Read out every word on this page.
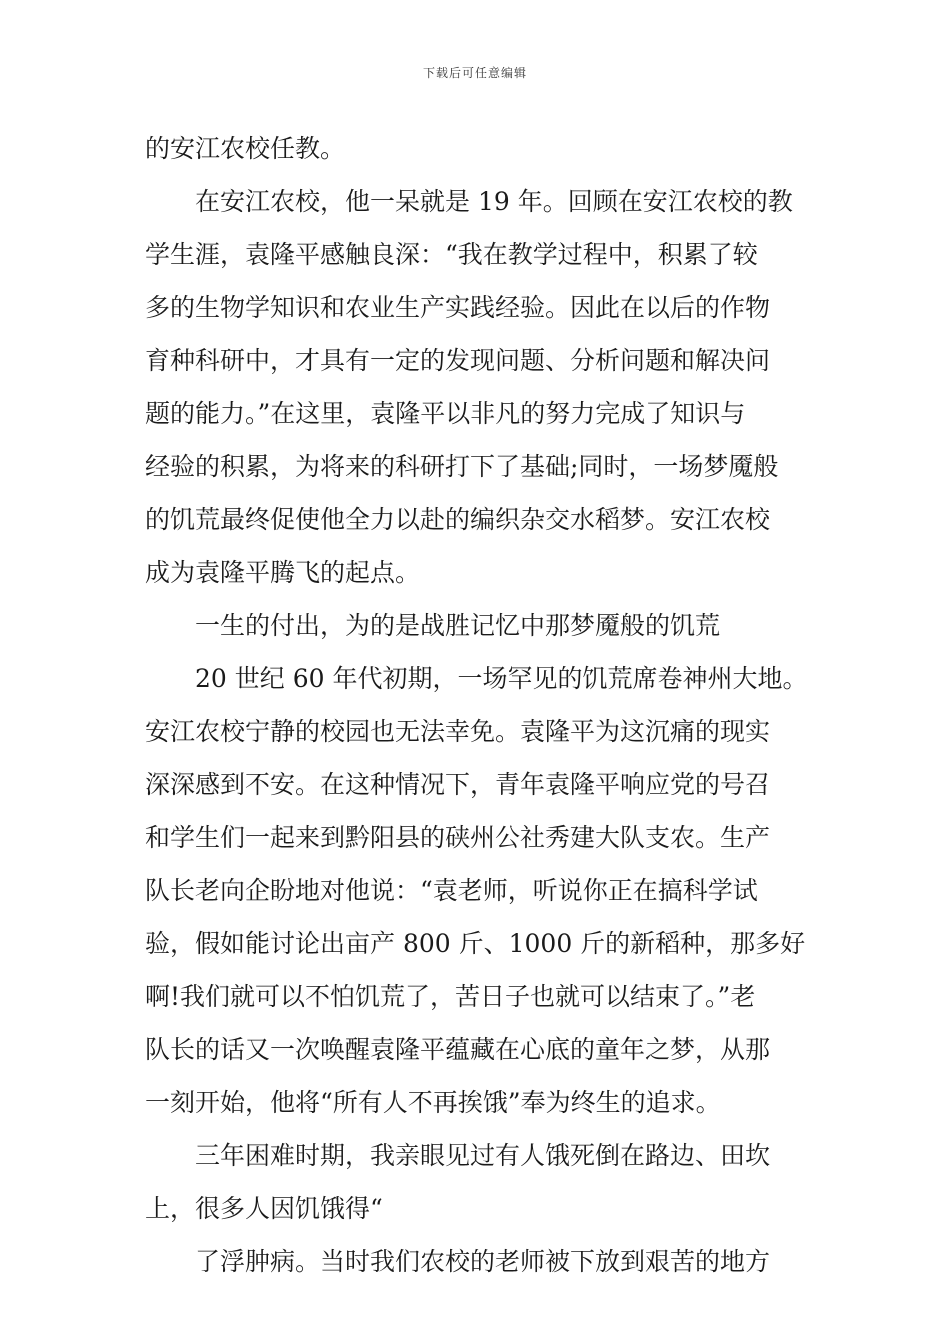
下载后可任意编辑
的安江农校任教。
在安江农校，他一呆就是 19 年。回顾在安江农校的教
学生涯，袁隆平感触良深：“我在教学过程中，积累了较
多的生物学知识和农业生产实践经验。因此在以后的作物
育种科研中，才具有一定的发现问题、分析问题和解决问
题的能力。”在这里，袁隆平以非凡的努力完成了知识与
经验的积累，为将来的科研打下了基础;同时，一场梦魇般
的饥荒最终促使他全力以赴的编织杂交水稻梦。安江农校
成为袁隆平腾飞的起点。
一生的付出，为的是战胜记忆中那梦魇般的饥荒
20 世纪 60 年代初期，一场罕见的饥荒席卷神州大地。
安江农校宁静的校园也无法幸免。袁隆平为这沉痛的现实
深深感到不安。在这种情况下，青年袁隆平响应党的号召
和学生们一起来到黔阳县的硖州公社秀建大队支农。生产
队长老向企盼地对他说：“袁老师，听说你正在搞科学试
验，假如能讨论出亩产 800 斤、1000 斤的新稻种，那多好
啊!我们就可以不怕饥荒了，苦日子也就可以结束了。”老
队长的话又一次唤醒袁隆平蕴藏在心底的童年之梦，从那
一刻开始，他将“所有人不再挨饿”奉为终生的追求。
三年困难时期，我亲眼见过有人饿死倒在路边、田坎
上，很多人因饥饿得“
了浮肿病。当时我们农校的老师被下放到艰苦的地方
